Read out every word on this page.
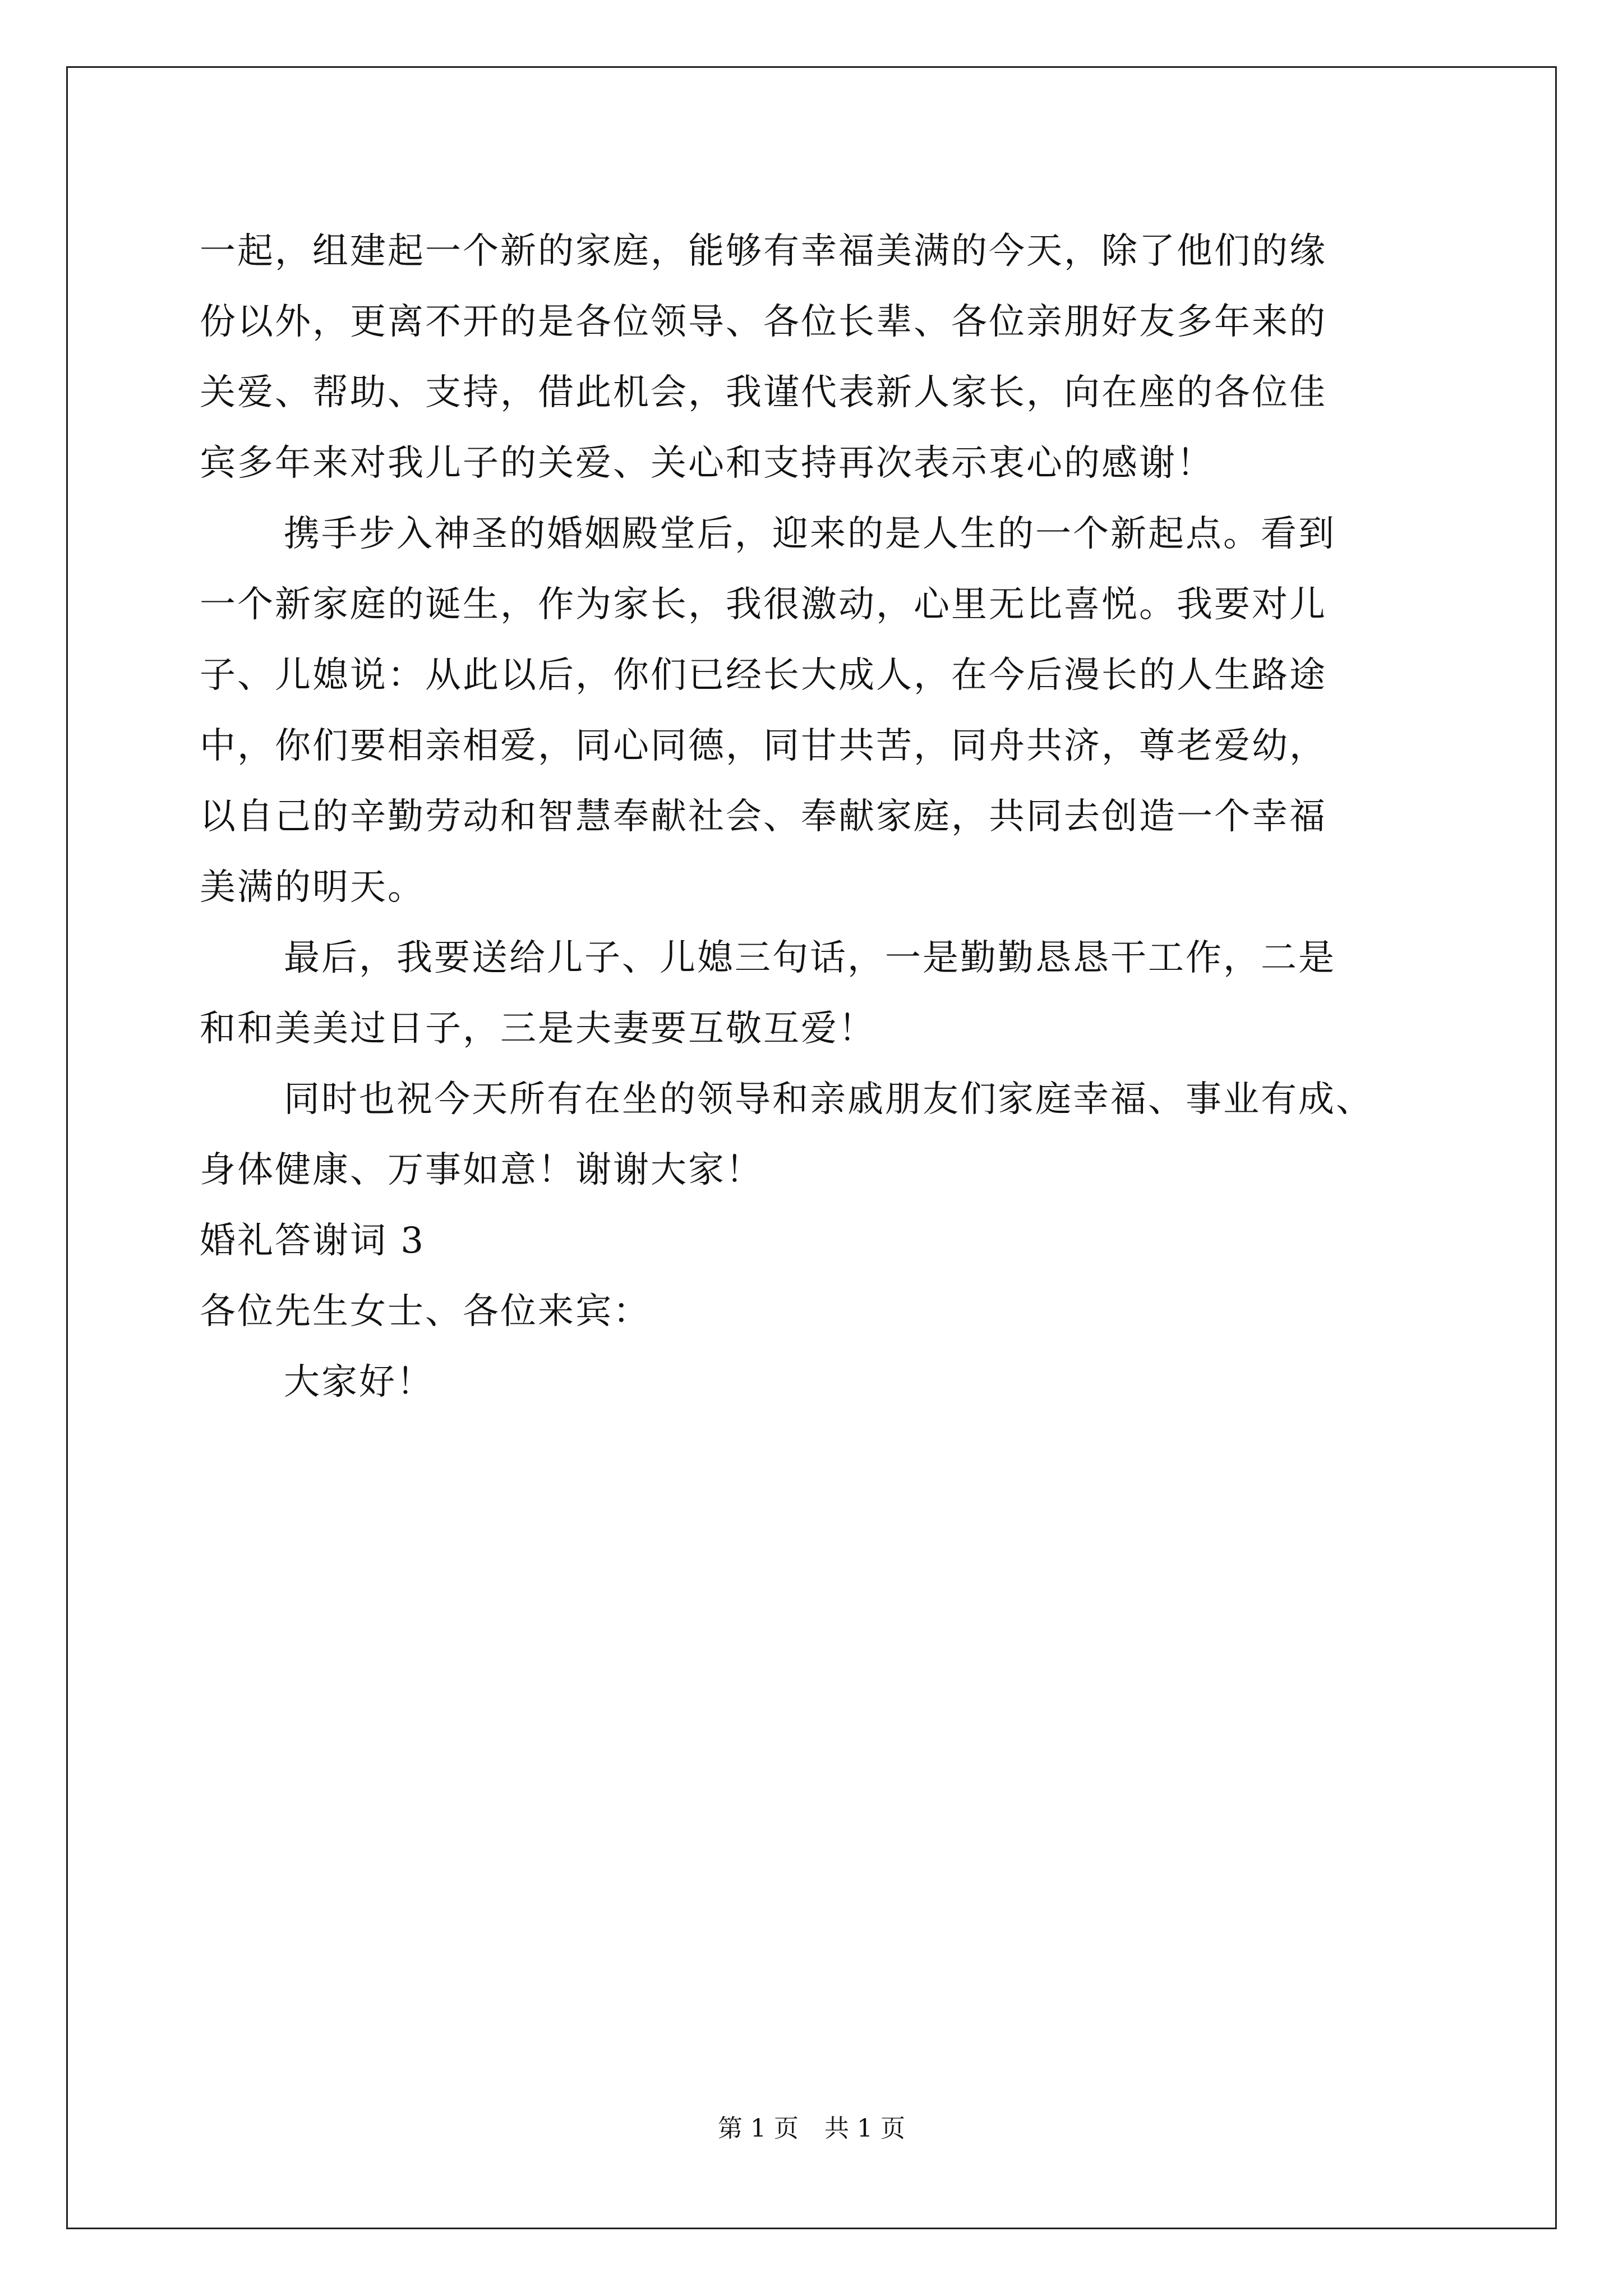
一起，组建起一个新的家庭，能够有幸福美满的今天，除了他们的缘
份以外，更离不开的是各位领导、各位长辈、各位亲朋好友多年来的
关爱、帮助、支持，借此机会，我谨代表新人家长，向在座的各位佳
宾多年来对我儿子的关爱、关心和支持再次表示衷心的感谢！
携手步入神圣的婚姻殿堂后，迎来的是人生的一个新起点。看到
一个新家庭的诞生，作为家长，我很激动，心里无比喜悦。我要对儿
子、儿媳说：从此以后，你们已经长大成人，在今后漫长的人生路途
中，你们要相亲相爱，同心同德，同甘共苦，同舟共济，尊老爱幼，
以自己的辛勤劳动和智慧奉献社会、奉献家庭，共同去创造一个幸福
美满的明天。
最后，我要送给儿子、儿媳三句话，一是勤勤恳恳干工作，二是
和和美美过日子，三是夫妻要互敬互爱！
同时也祝今天所有在坐的领导和亲戚朋友们家庭幸福、事业有成、
身体健康、万事如意！谢谢大家！
婚礼答谢词 3
各位先生女士、各位来宾：
大家好！
第 1 页 共 1 页
